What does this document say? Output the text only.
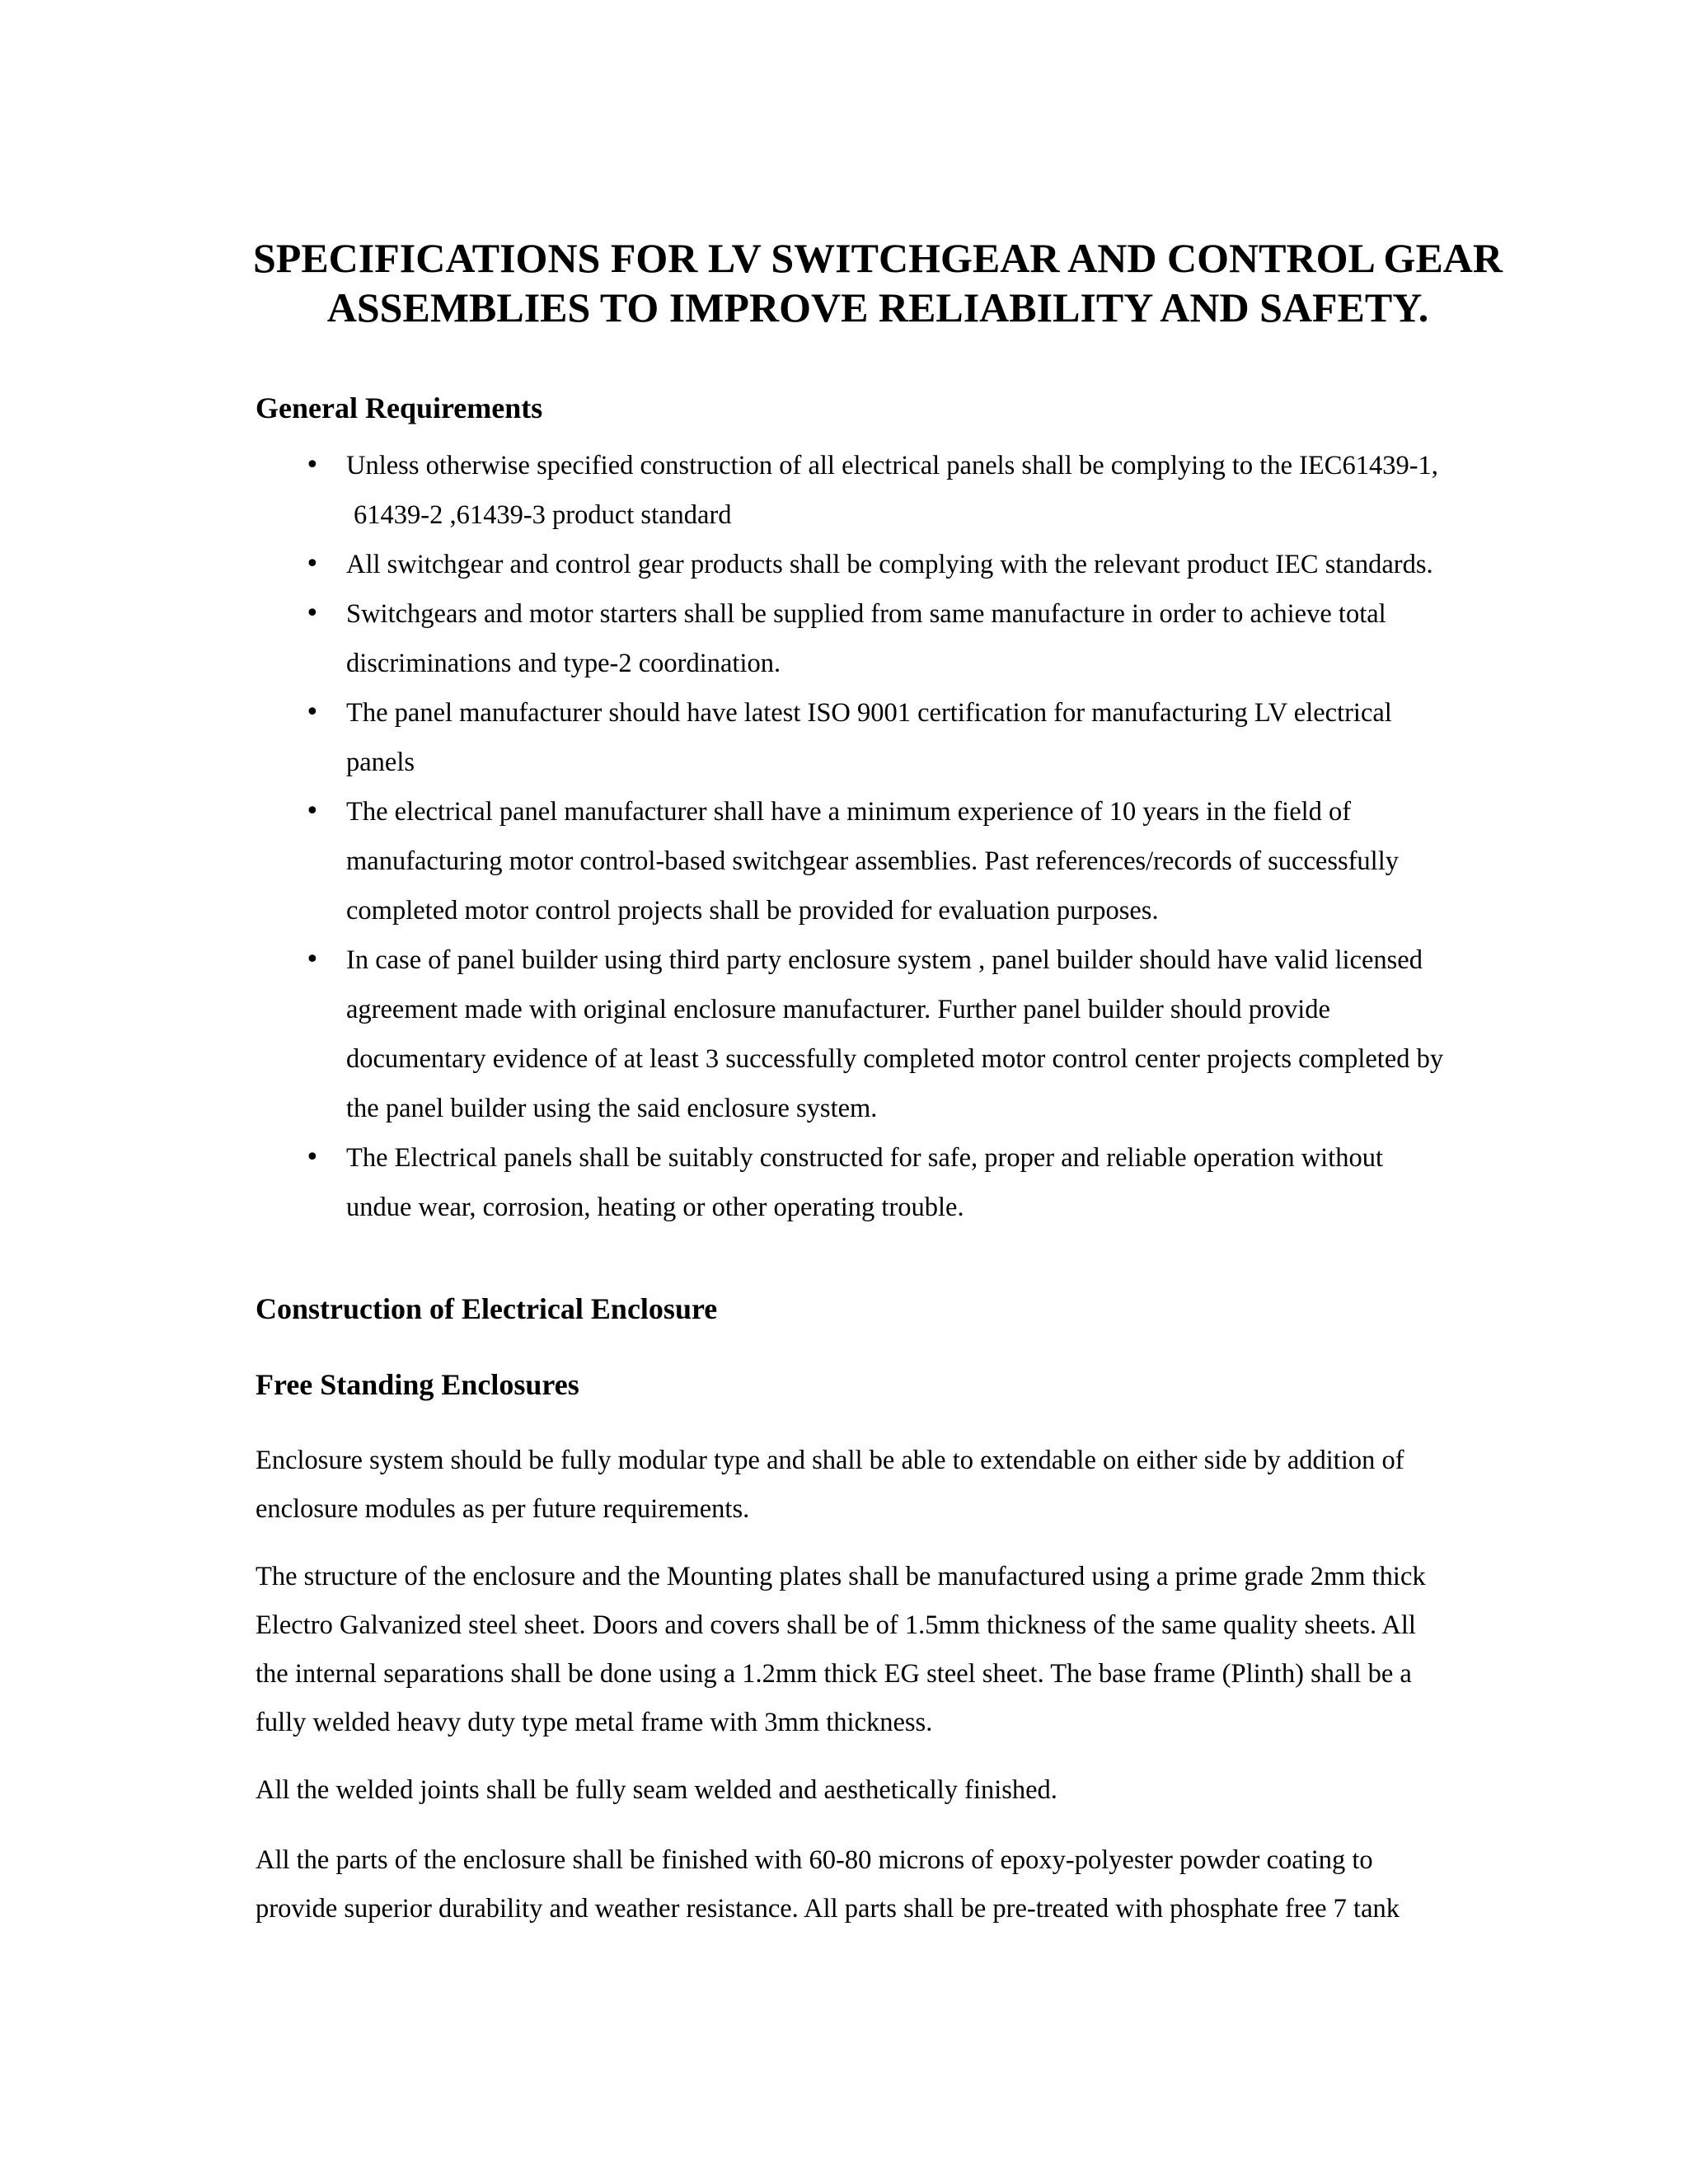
SPECIFICATIONS FOR LV SWITCHGEAR AND CONTROL GEAR
ASSEMBLIES TO IMPROVE RELIABILITY AND SAFETY.
General Requirements
• Unless otherwise specified construction of all electrical panels shall be complying to the IEC61439-1,
61439-2 ,61439-3 product standard
• All switchgear and control gear products shall be complying with the relevant product IEC standards.
• Switchgears and motor starters shall be supplied from same manufacture in order to achieve total
discriminations and type-2 coordination.
• The panel manufacturer should have latest ISO 9001 certification for manufacturing LV electrical
panels
• The electrical panel manufacturer shall have a minimum experience of 10 years in the field of
manufacturing motor control-based switchgear assemblies. Past references/records of successfully
completed motor control projects shall be provided for evaluation purposes.
• In case of panel builder using third party enclosure system , panel builder should have valid licensed
agreement made with original enclosure manufacturer. Further panel builder should provide
documentary evidence of at least 3 successfully completed motor control center projects completed by
the panel builder using the said enclosure system.
• The Electrical panels shall be suitably constructed for safe, proper and reliable operation without
undue wear, corrosion, heating or other operating trouble.
Construction of Electrical Enclosure
Free Standing Enclosures

Enclosure system should be fully modular type and shall be able to extendable on either side by addition of
enclosure modules as per future requirements.

The structure of the enclosure and the Mounting plates shall be manufactured using a prime grade 2mm thick
Electro Galvanized steel sheet. Doors and covers shall be of 1.5mm thickness of the same quality sheets. All
the internal separations shall be done using a 1.2mm thick EG steel sheet. The base frame (Plinth) shall be a
fully welded heavy duty type metal frame with 3mm thickness.

All the welded joints shall be fully seam welded and aesthetically finished.

All the parts of the enclosure shall be finished with 60-80 microns of epoxy-polyester powder coating to
provide superior durability and weather resistance. All parts shall be pre-treated with phosphate free 7 tank
